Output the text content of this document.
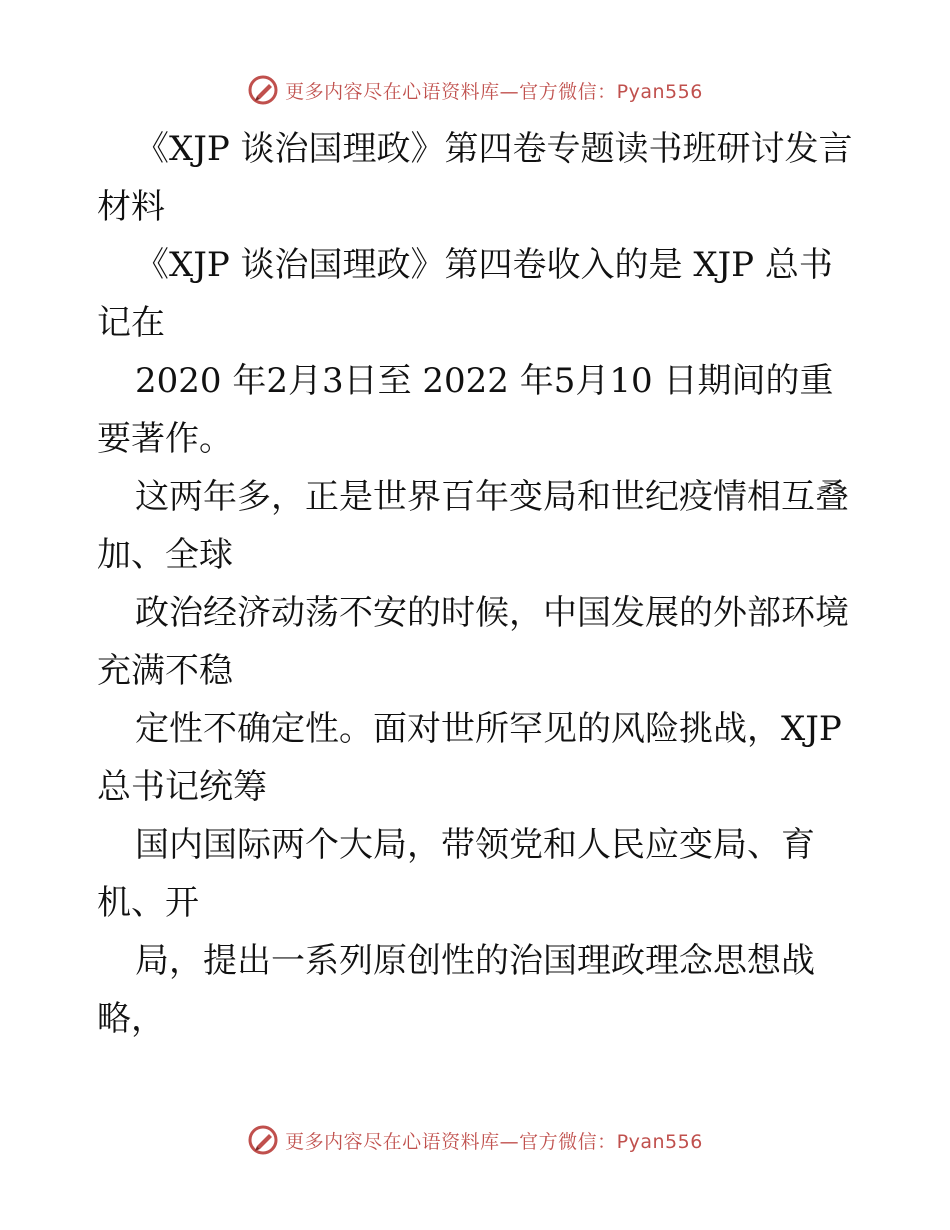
更多内容尽在心语资料库—官方微信：Pyan556
《XJP 谈治国理政》第四卷专题读书班研讨发言
材料
《XJP 谈治国理政》第四卷收入的是 XJP 总书
记在
2020 年2月3日至 2022 年5月10 日期间的重
要著作。
这两年多，正是世界百年变局和世纪疫情相互叠
加、全球
政治经济动荡不安的时候，中国发展的外部环境
充满不稳
定性不确定性。面对世所罕见的风险挑战，XJP
总书记统筹
国内国际两个大局，带领党和人民应变局、育
机、开
局，提出一系列原创性的治国理政理念思想战
略，
更多内容尽在心语资料库—官方微信：Pyan556
